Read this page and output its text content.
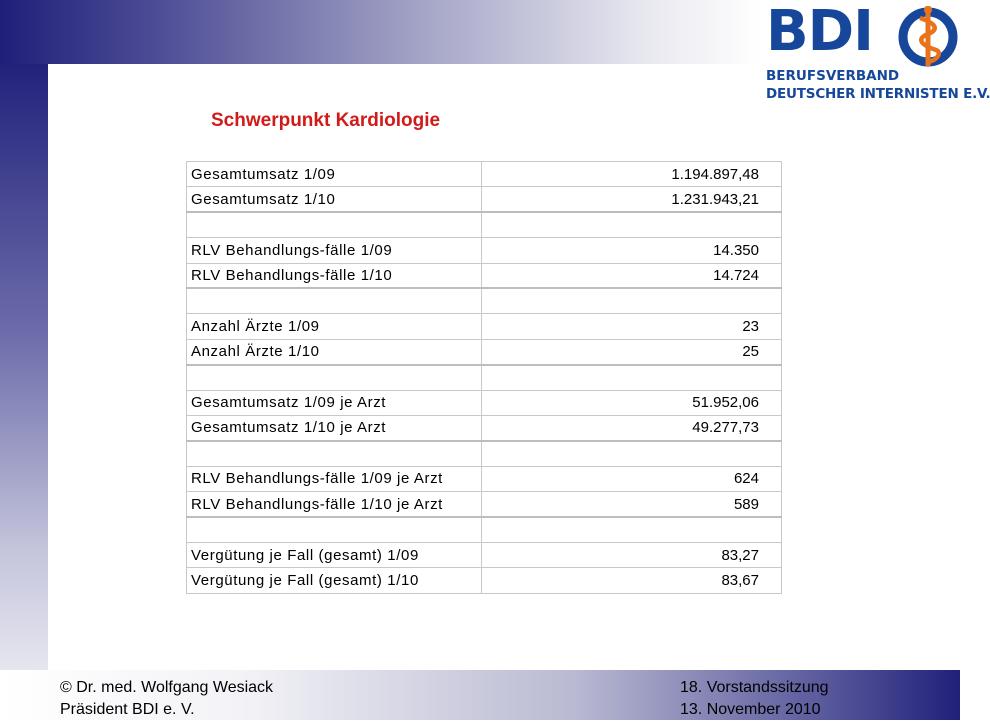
BDI
BERUFSVERBAND
DEUTSCHER INTERNISTEN E.V.
Schwerpunkt Kardiologie
Gesamtumsatz 1/09	1.194.897,48
Gesamtumsatz 1/10	1.231.943,21

RLV Behandlungs-fälle 1/09	14.350
RLV Behandlungs-fälle 1/10	14.724

Anzahl Ärzte 1/09	23
Anzahl Ärzte 1/10	25

Gesamtumsatz 1/09 je Arzt	51.952,06
Gesamtumsatz 1/10 je Arzt	49.277,73

RLV Behandlungs-fälle 1/09 je Arzt	624
RLV Behandlungs-fälle 1/10 je Arzt	589

Vergütung je Fall (gesamt) 1/09	83,27
Vergütung je Fall (gesamt) 1/10	83,67
© Dr. med. Wolfgang Wesiack
Präsident BDI e. V.
18. Vorstandssitzung
13. November 2010
